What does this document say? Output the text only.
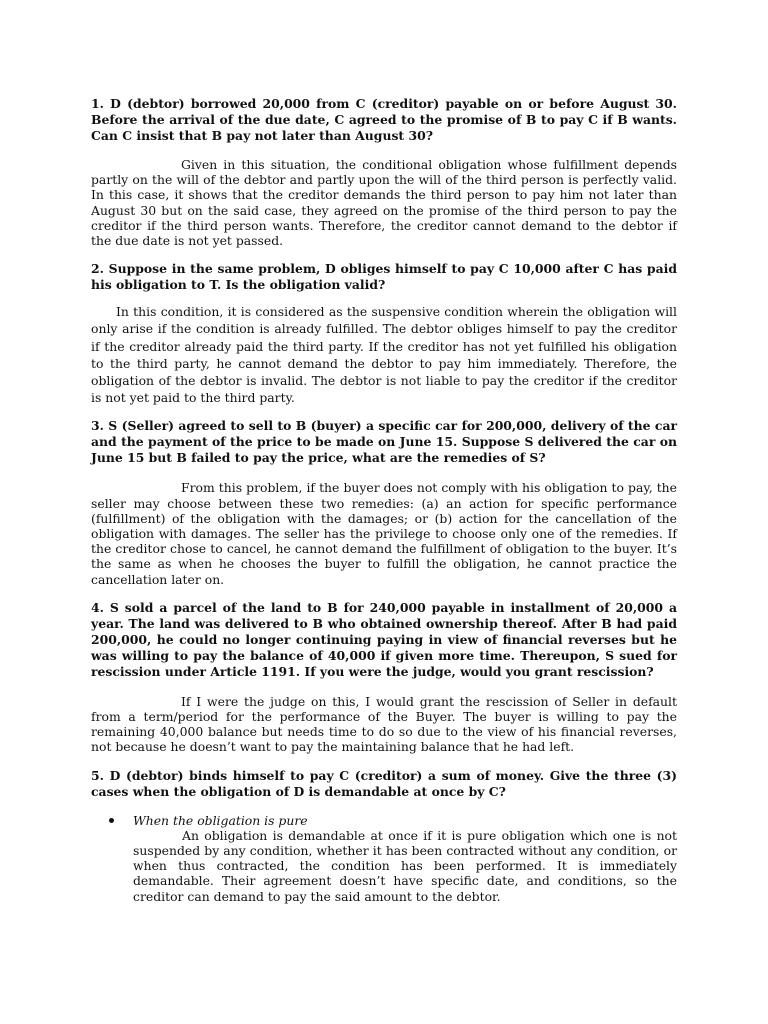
1. D (debtor) borrowed 20,000 from C (creditor) payable on or before August 30. Before the arrival of the due date, C agreed to the promise of B to pay C if B wants. Can C insist that B pay not later than August 30?

Given in this situation, the conditional obligation whose fulfillment depends partly on the will of the debtor and partly upon the will of the third person is perfectly valid. In this case, it shows that the creditor demands the third person to pay him not later than August 30 but on the said case, they agreed on the promise of the third person to pay the creditor if the third person wants. Therefore, the creditor cannot demand to the debtor if the due date is not yet passed.

2. Suppose in the same problem, D obliges himself to pay C 10,000 after C has paid his obligation to T. Is the obligation valid?

In this condition, it is considered as the suspensive condition wherein the obligation will only arise if the condition is already fulfilled. The debtor obliges himself to pay the creditor if the creditor already paid the third party. If the creditor has not yet fulfilled his obligation to the third party, he cannot demand the debtor to pay him immediately. Therefore, the obligation of the debtor is invalid. The debtor is not liable to pay the creditor if the creditor is not yet paid to the third party.

3. S (Seller) agreed to sell to B (buyer) a specific car for 200,000, delivery of the car and the payment of the price to be made on June 15. Suppose S delivered the car on June 15 but B failed to pay the price, what are the remedies of S?

From this problem, if the buyer does not comply with his obligation to pay, the seller may choose between these two remedies: (a) an action for specific performance (fulfillment) of the obligation with the damages; or (b) action for the cancellation of the obligation with damages. The seller has the privilege to choose only one of the remedies. If the creditor chose to cancel, he cannot demand the fulfillment of obligation to the buyer. It’s the same as when he chooses the buyer to fulfill the obligation, he cannot practice the cancellation later on.

4. S sold a parcel of the land to B for 240,000 payable in installment of 20,000 a year. The land was delivered to B who obtained ownership thereof. After B had paid 200,000, he could no longer continuing paying in view of financial reverses but he was willing to pay the balance of 40,000 if given more time. Thereupon, S sued for rescission under Article 1191. If you were the judge, would you grant rescission?

If I were the judge on this, I would grant the rescission of Seller in default from a term/period for the performance of the Buyer. The buyer is willing to pay the remaining 40,000 balance but needs time to do so due to the view of his financial reverses, not because he doesn’t want to pay the maintaining balance that he had left.

5. D (debtor) binds himself to pay C (creditor) a sum of money. Give the three (3) cases when the obligation of D is demandable at once by C?

When the obligation is pure

An obligation is demandable at once if it is pure obligation which one is not suspended by any condition, whether it has been contracted without any condition, or when thus contracted, the condition has been performed. It is immediately demandable. Their agreement doesn’t have specific date, and conditions, so the creditor can demand to pay the said amount to the debtor.
